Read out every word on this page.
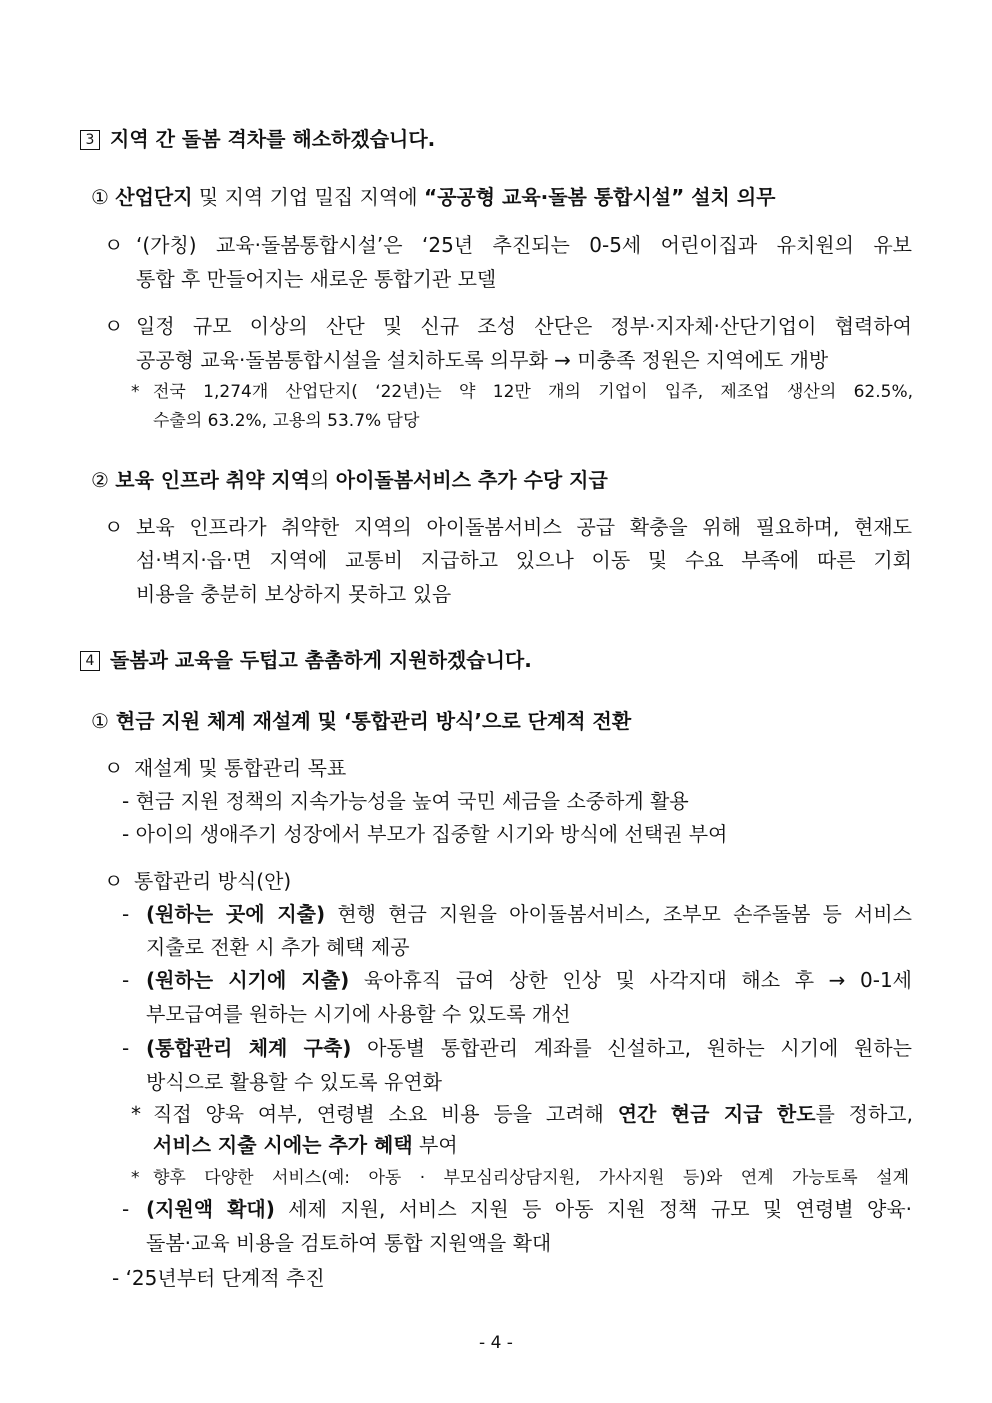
3 지역 간 돌봄 격차를 해소하겠습니다.
① 산업단지 및 지역 기업 밀집 지역에 “공공형 교육·돌봄 통합시설” 설치 의무
ㅇ ‘(가칭) 교육·돌봄통합시설’은 ‘25년 추진되는 0-5세 어린이집과 유치원의 유보
통합 후 만들어지는 새로운 통합기관 모델
ㅇ 일정 규모 이상의 산단 및 신규 조성 산단은 정부·지자체·산단기업이 협력하여
공공형 교육·돌봄통합시설을 설치하도록 의무화 → 미충족 정원은 지역에도 개방
* 전국 1,274개 산업단지( ‘22년)는 약 12만 개의 기업이 입주, 제조업 생산의 62.5%,
수출의 63.2%, 고용의 53.7% 담당
② 보육 인프라 취약 지역의 아이돌봄서비스 추가 수당 지급
ㅇ 보육 인프라가 취약한 지역의 아이돌봄서비스 공급 확충을 위해 필요하며, 현재도
섬·벽지·읍·면 지역에 교통비 지급하고 있으나 이동 및 수요 부족에 따른 기회
비용을 충분히 보상하지 못하고 있음
4 돌봄과 교육을 두텁고 촘촘하게 지원하겠습니다.
① 현금 지원 체계 재설계 및 ‘통합관리 방식’으로 단계적 전환
ㅇ 재설계 및 통합관리 목표
- 현금 지원 정책의 지속가능성을 높여 국민 세금을 소중하게 활용
- 아이의 생애주기 성장에서 부모가 집중할 시기와 방식에 선택권 부여
ㅇ 통합관리 방식(안)
- (원하는 곳에 지출) 현행 현금 지원을 아이돌봄서비스, 조부모 손주돌봄 등 서비스
지출로 전환 시 추가 혜택 제공
- (원하는 시기에 지출) 육아휴직 급여 상한 인상 및 사각지대 해소 후 → 0-1세
부모급여를 원하는 시기에 사용할 수 있도록 개선
- (통합관리 체계 구축) 아동별 통합관리 계좌를 신설하고, 원하는 시기에 원하는
방식으로 활용할 수 있도록 유연화
* 직접 양육 여부, 연령별 소요 비용 등을 고려해 연간 현금 지급 한도를 정하고,
서비스 지출 시에는 추가 혜택 부여
* 향후 다양한 서비스(예: 아동 · 부모심리상담지원, 가사지원 등)와 연계 가능토록 설계
- (지원액 확대) 세제 지원, 서비스 지원 등 아동 지원 정책 규모 및 연령별 양육·
돌봄·교육 비용을 검토하여 통합 지원액을 확대
- ‘25년부터 단계적 추진
- 4 -
